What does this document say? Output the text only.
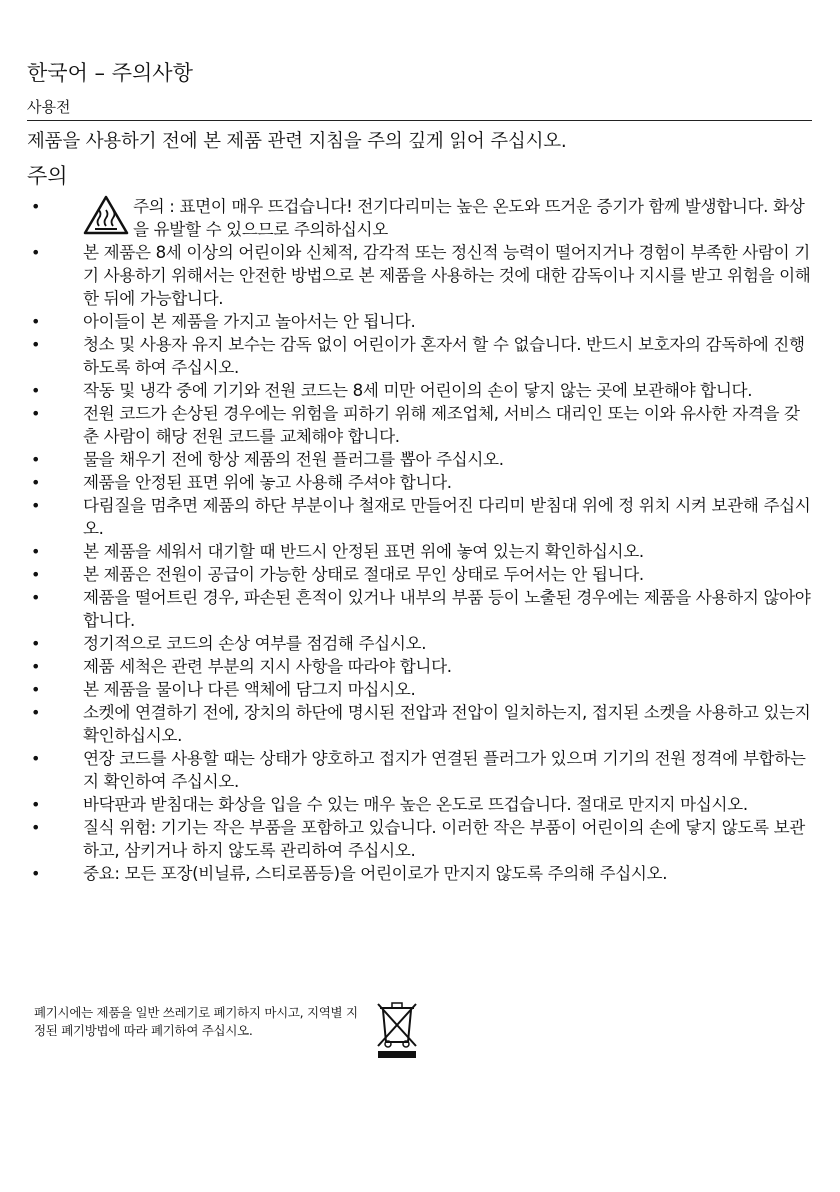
한국어 – 주의사항
사용전
제품을 사용하기 전에 본 제품 관련 지침을 주의 깊게 읽어 주십시오.
주의
•	주의 : 표면이 매우 뜨겁습니다! 전기다리미는 높은 온도와 뜨거운 증기가 함께 발생합니다. 화상을 유발할 수 있으므로 주의하십시오
•	본 제품은 8세 이상의 어린이와 신체적, 감각적 또는 정신적 능력이 떨어지거나 경험이 부족한 사람이 기기 사용하기 위해서는 안전한 방법으로 본 제품을 사용하는 것에 대한 감독이나 지시를 받고 위험을 이해한 뒤에 가능합니다.
•	아이들이 본 제품을 가지고 놀아서는 안 됩니다.
•	청소 및 사용자 유지 보수는 감독 없이 어린이가 혼자서 할 수 없습니다. 반드시 보호자의 감독하에 진행하도록 하여 주십시오.
•	작동 및 냉각 중에 기기와 전원 코드는 8세 미만 어린이의 손이 닿지 않는 곳에 보관해야 합니다.
•	전원 코드가 손상된 경우에는 위험을 피하기 위해 제조업체, 서비스 대리인 또는 이와 유사한 자격을 갖춘 사람이 해당 전원 코드를 교체해야 합니다.
•	물을 채우기 전에 항상 제품의 전원 플러그를 뽑아 주십시오.
•	제품을 안정된 표면 위에 놓고 사용해 주셔야 합니다.
•	다림질을 멈추면 제품의 하단 부분이나 철재로 만들어진 다리미 받침대 위에 정 위치 시켜 보관해 주십시오.
•	본 제품을 세워서 대기할 때 반드시 안정된 표면 위에 놓여 있는지 확인하십시오.
•	본 제품은 전원이 공급이 가능한 상태로 절대로 무인 상태로 두어서는 안 됩니다.
•	제품을 떨어트린 경우, 파손된 흔적이 있거나 내부의 부품 등이 노출된 경우에는 제품을 사용하지 않아야 합니다.
•	정기적으로 코드의 손상 여부를 점검해 주십시오.
•	제품 세척은 관련 부분의 지시 사항을 따라야 합니다.
•	본 제품을 물이나 다른 액체에 담그지 마십시오.
•	소켓에 연결하기 전에, 장치의 하단에 명시된 전압과 전압이 일치하는지, 접지된 소켓을 사용하고 있는지 확인하십시오.
•	연장 코드를 사용할 때는 상태가 양호하고 접지가 연결된 플러그가 있으며 기기의 전원 정격에 부합하는지 확인하여 주십시오.
•	바닥판과 받침대는 화상을 입을 수 있는 매우 높은 온도로 뜨겁습니다. 절대로 만지지 마십시오.
•	질식 위험: 기기는 작은 부품을 포함하고 있습니다. 이러한 작은 부품이 어린이의 손에 닿지 않도록 보관 하고, 삼키거나 하지 않도록 관리하여 주십시오.
•	중요: 모든 포장(비닐류, 스티로폼등)을 어린이로가 만지지 않도록 주의해 주십시오.
폐기시에는 제품을 일반 쓰레기로 폐기하지 마시고, 지역별 지정된 폐기방법에 따라 폐기하여 주십시오.
